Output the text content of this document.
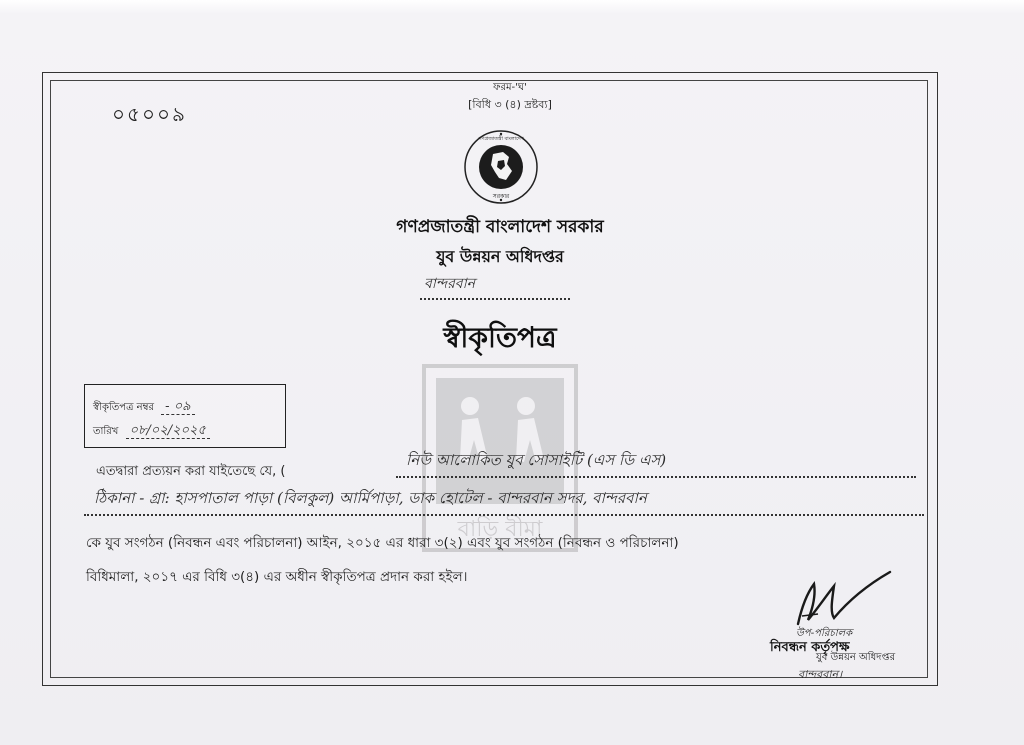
০৫০০৯
ফরম-'ঘ'
[বিধি ৩ (৪) দ্রষ্টব্য]
গণপ্রজাতন্ত্রী বাংলাদেশ
সরকার
গণপ্রজাতন্ত্রী বাংলাদেশ সরকার
যুব উন্নয়ন অধিদপ্তর
বান্দরবান
স্বীকৃতিপত্র
বাড়ি বীমা
স্বীকৃতিপত্র নম্বর - ০৯
তারিখ ০৮/০২/২০২৫
এতদ্বারা প্রত্যয়ন করা যাইতেছে যে, (
নিউ আলোকিত যুব সোসাইটি (এস ডি এস)
ঠিকানা - গ্রা: হাসপাতাল পাড়া (বিলকুল) আর্মিপাড়া, ডাক হোটেল - বান্দরবান সদর, বান্দরবান
কে যুব সংগঠন (নিবন্ধন এবং পরিচালনা) আইন, ২০১৫ এর ধারা ৩(২) এবং যুব সংগঠন (নিবন্ধন ও পরিচালনা)
বিধিমালা, ২০১৭ এর বিধি ৩(৪) এর অধীন স্বীকৃতিপত্র প্রদান করা হইল।
উপ-পরিচালক
নিবন্ধন কর্তৃপক্ষ
যুব উন্নয়ন অধিদপ্তর
বান্দরবান।
